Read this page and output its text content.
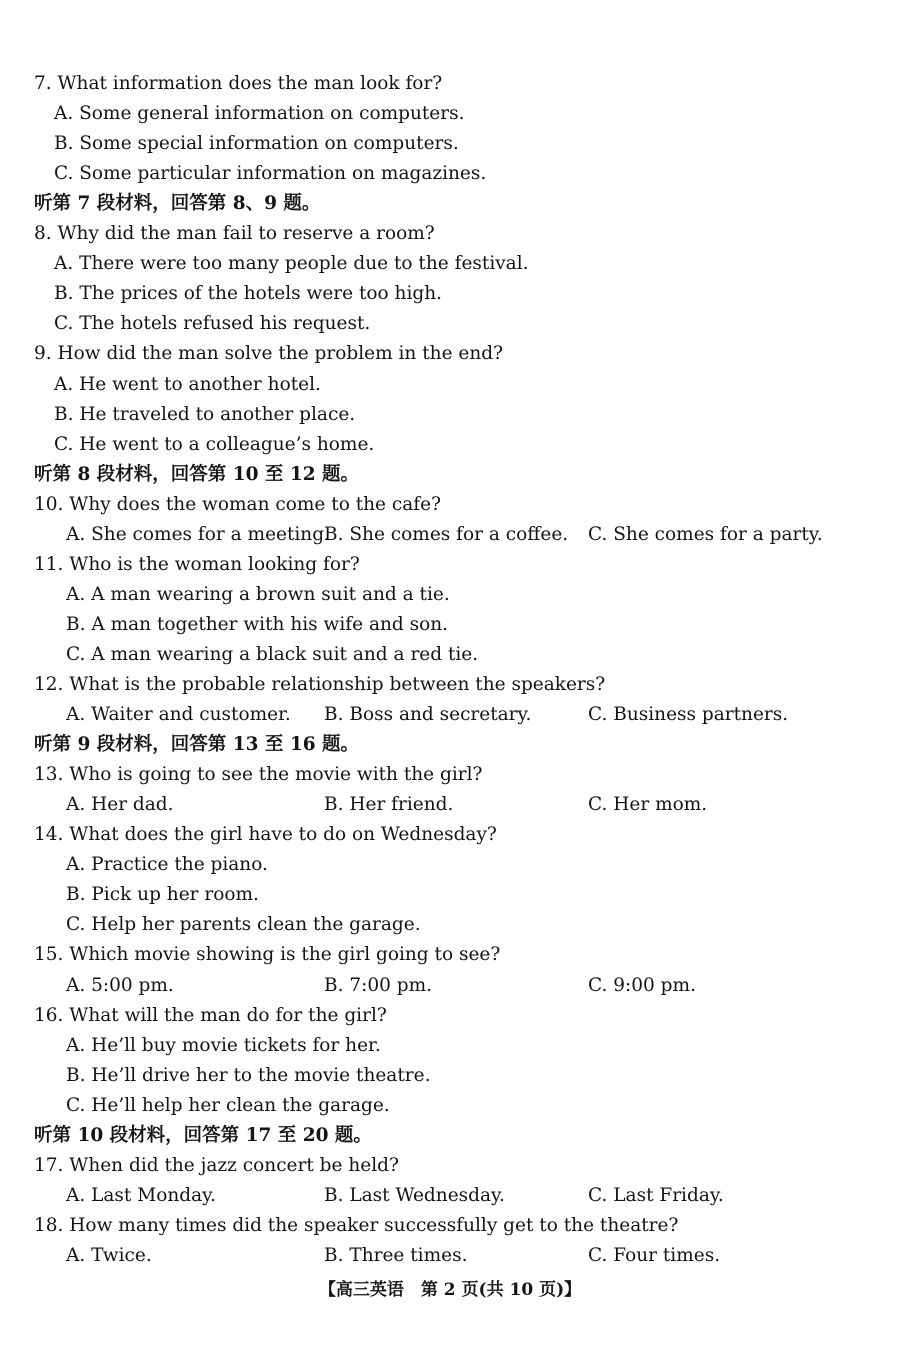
【高三英语　第 2 页(共 10 页)】
7. What information does the man look for?
A. Some general information on computers.
B. Some special information on computers.
C. Some particular information on magazines.
听第 7 段材料，回答第 8、9 题。
8. Why did the man fail to reserve a room?
A. There were too many people due to the festival.
B. The prices of the hotels were too high.
C. The hotels refused his request.
9. How did the man solve the problem in the end?
A. He went to another hotel.
B. He traveled to another place.
C. He went to a colleague’s home.
听第 8 段材料，回答第 10 至 12 题。
10. Why does the woman come to the cafe?
A. She comes for a meeting.
B. She comes for a coffee. C. She comes for a party.
11. Who is the woman looking for?
A. A man wearing a brown suit and a tie.
B. A man together with his wife and son.
C. A man wearing a black suit and a red tie.
12. What is the probable relationship between the speakers?
A. Waiter and customer. B. Boss and secretary.	C. Business partners.
听第 9 段材料，回答第 13 至 16 题。
13. Who is going to see the movie with the girl?
A. Her dad.	B. Her friend.	C. Her mom.
14. What does the girl have to do on Wednesday?
A. Practice the piano.
B. Pick up her room.
C. Help her parents clean the garage.
15. Which movie showing is the girl going to see?
A. 5:00 pm.	B. 7:00 pm.	C. 9:00 pm.
16. What will the man do for the girl?
A. He’ll buy movie tickets for her.
B. He’ll drive her to the movie theatre.
C. He’ll help her clean the garage.
听第 10 段材料，回答第 17 至 20 题。
17. When did the jazz concert be held?
A. Last Monday.	B. Last Wednesday.	C. Last Friday.
18. How many times did the speaker successfully get to the theatre?
A. Twice.	B. Three times.	C. Four times.
